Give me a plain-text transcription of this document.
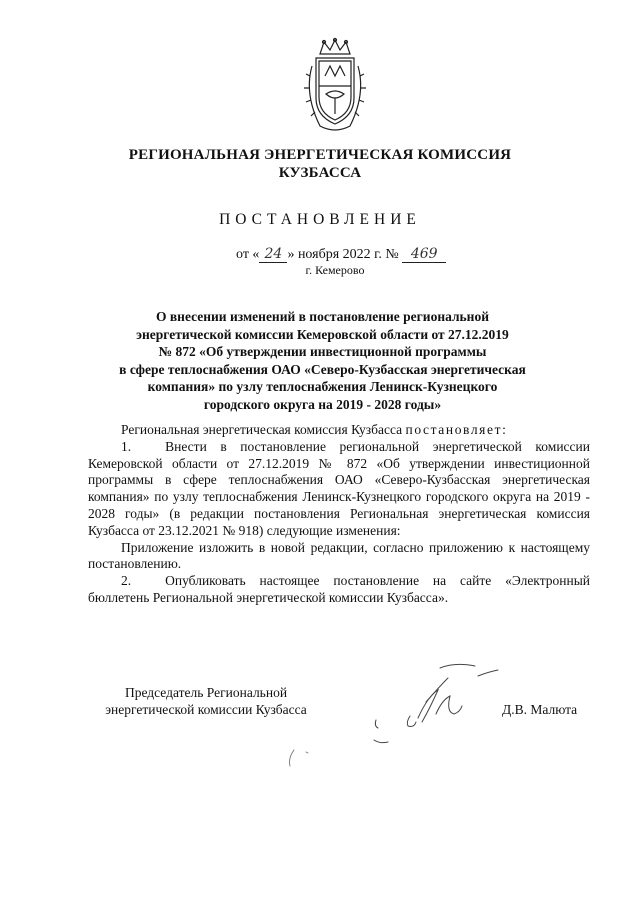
РЕГИОНАЛЬНАЯ ЭНЕРГЕТИЧЕСКАЯ КОМИССИЯ
КУЗБАССА
ПОСТАНОВЛЕНИЕ
от « 24 » ноября 2022 г. № 469
г. Кемерово
О внесении изменений в постановление региональной
энергетической комиссии Кемеровской области от 27.12.2019
№ 872 «Об утверждении инвестиционной программы
в сфере теплоснабжения ОАО «Северо-Кузбасская энергетическая
компания» по узлу теплоснабжения Ленинск-Кузнецкого
городского округа на 2019 - 2028 годы»

Региональная энергетическая комиссия Кузбасса постановляет:

1.	Внести в постановление региональной энергетической комиссии Кемеровской области от 27.12.2019 № 872 «Об утверждении инвестиционной программы в сфере теплоснабжения ОАО «Северо-Кузбасская энергетическая компания» по узлу теплоснабжения Ленинск-Кузнецкого городского округа на 2019 - 2028 годы» (в редакции постановления Региональная энергетическая комиссия Кузбасса от 23.12.2021 № 918) следующие изменения:

Приложение изложить в новой редакции, согласно приложению к настоящему постановлению.

2.	Опубликовать настоящее постановление на сайте «Электронный бюллетень Региональной энергетической комиссии Кузбасса».

Председатель Региональной
энергетической комиссии Кузбасса	Д.В. Малюта
